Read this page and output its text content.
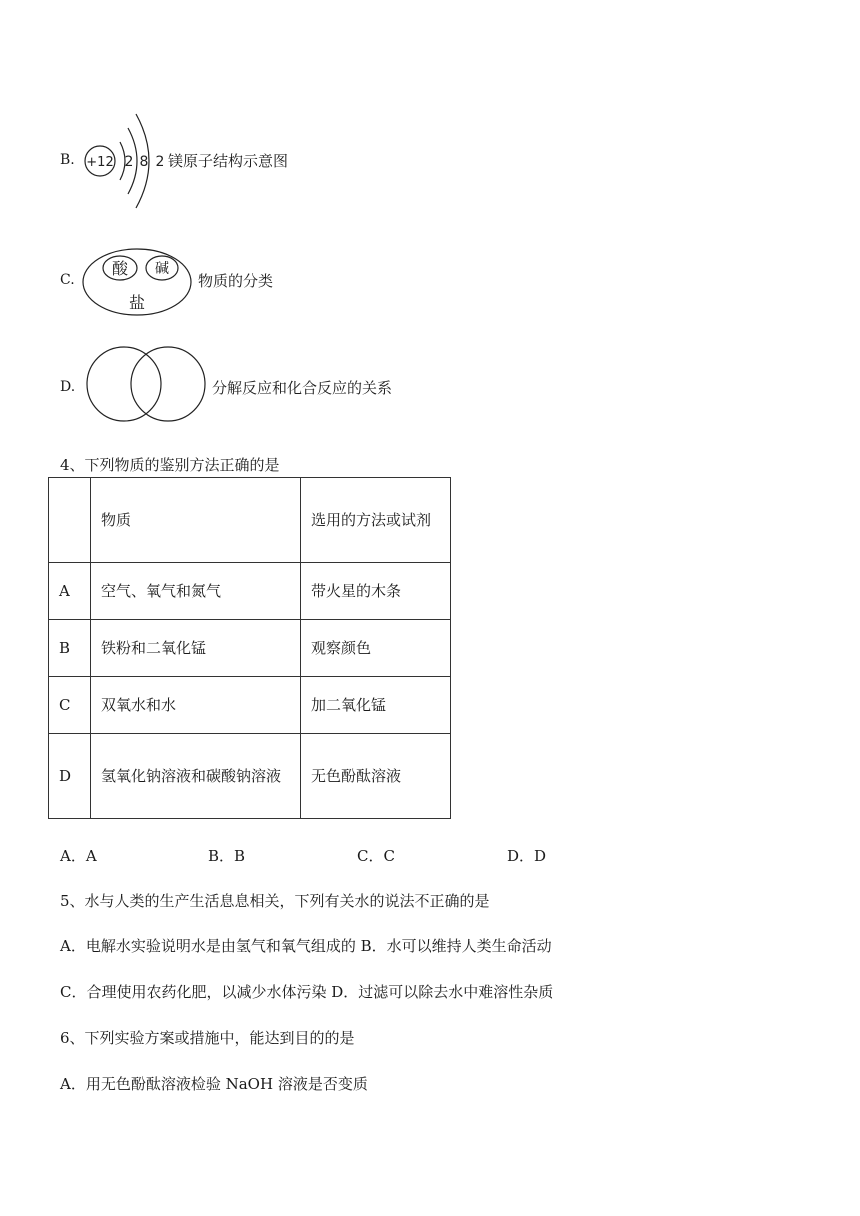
B. +12 2 8 2 镁原子结构示意图
C.
酸 碱
盐
物质的分类
D.	分解反应和化合反应的关系
4、下列物质的鉴别方法正确的是
	物质	选用的方法或试剂
A	空气、氧气和氮气	带火星的木条
B	铁粉和二氧化锰	观察颜色
C	双氧水和水	加二氧化锰
D	氢氧化钠溶液和碳酸钠溶液	无色酚酞溶液
A．A	B．B	C．C	D．D
5、水与人类的生产生活息息相关，下列有关水的说法不正确的是
A．电解水实验说明水是由氢气和氧气组成的 B．水可以维持人类生命活动
C．合理使用农药化肥，以减少水体污染 D．过滤可以除去水中难溶性杂质
6、下列实验方案或措施中，能达到目的的是
A．用无色酚酞溶液检验 NaOH 溶液是否变质
